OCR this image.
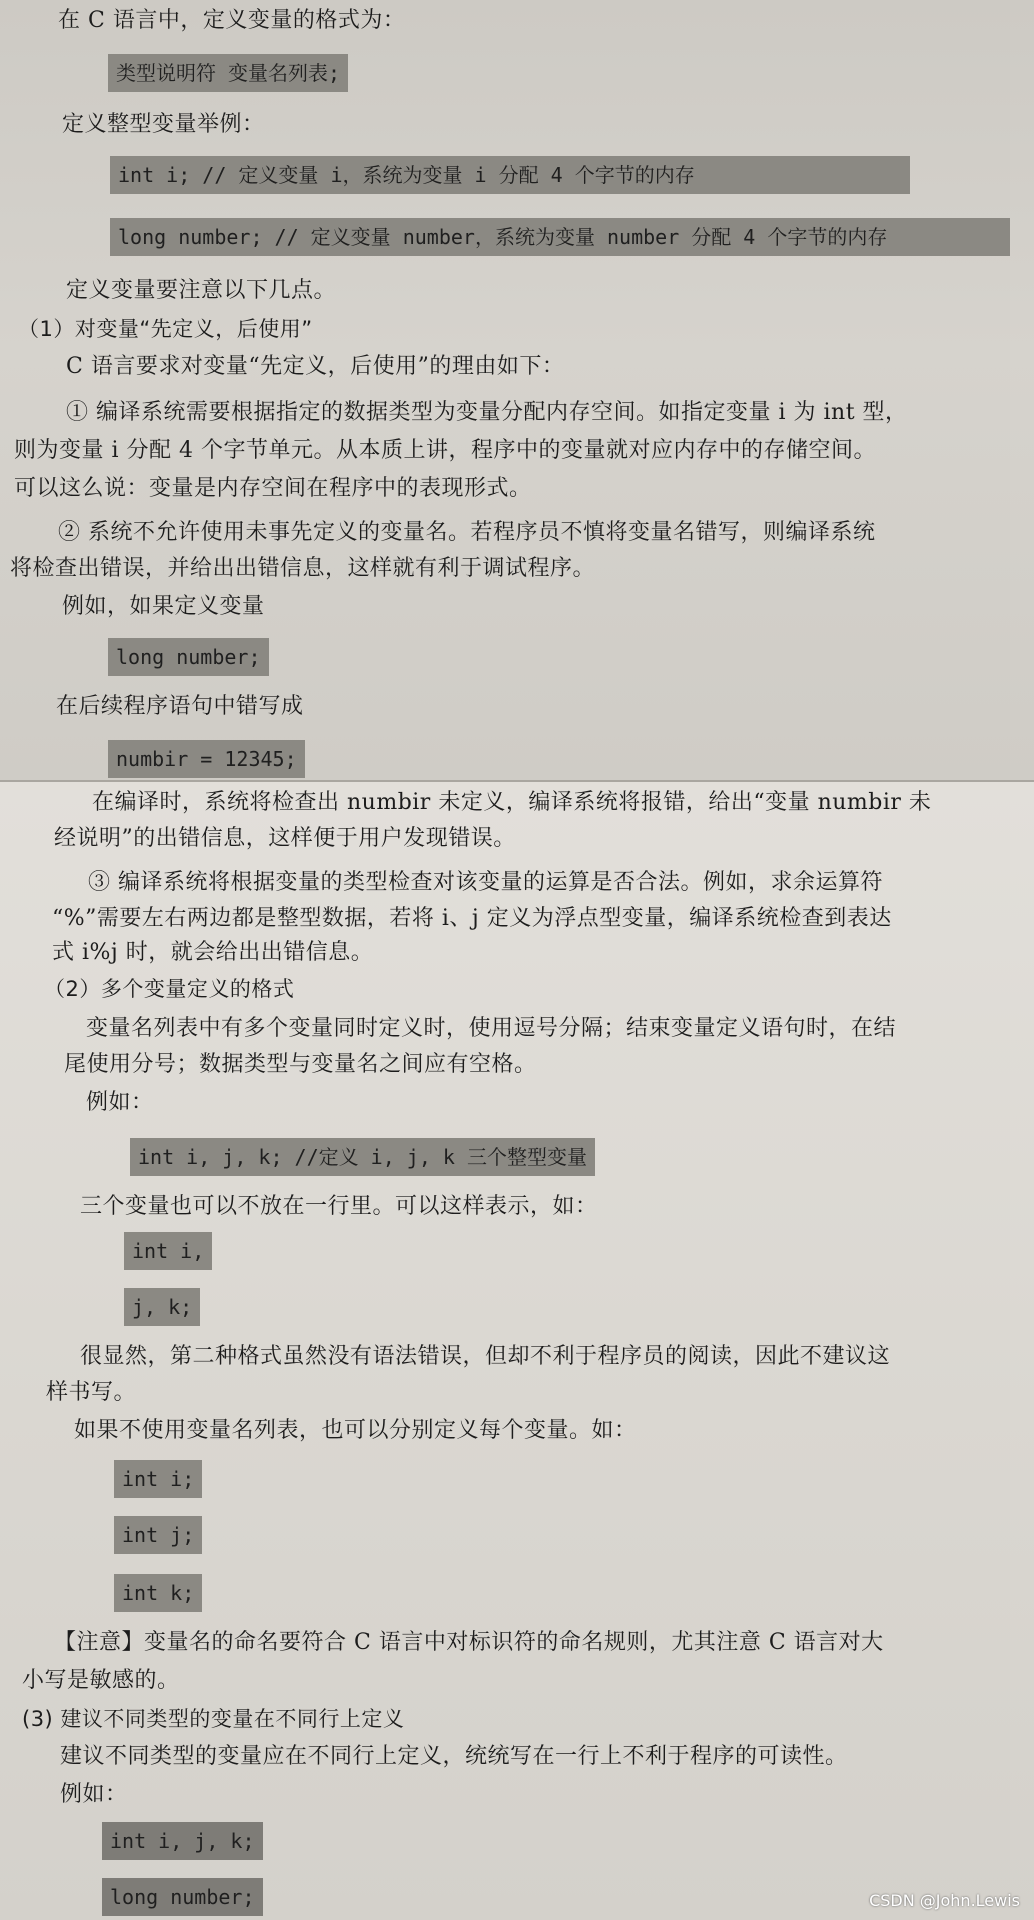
在 C 语言中，定义变量的格式为：
类型说明符 变量名列表;
定义整型变量举例：
int i; // 定义变量 i，系统为变量 i 分配 4 个字节的内存
long number; // 定义变量 number，系统为变量 number 分配 4 个字节的内存
定义变量要注意以下几点。
（1）对变量“先定义，后使用”
C 语言要求对变量“先定义，后使用”的理由如下：
① 编译系统需要根据指定的数据类型为变量分配内存空间。如指定变量 i 为 int 型，
则为变量 i 分配 4 个字节单元。从本质上讲，程序中的变量就对应内存中的存储空间。
可以这么说：变量是内存空间在程序中的表现形式。
② 系统不允许使用未事先定义的变量名。若程序员不慎将变量名错写，则编译系统
将检查出错误，并给出出错信息，这样就有利于调试程序。
例如，如果定义变量
long number;
在后续程序语句中错写成
numbir = 12345;
在编译时，系统将检查出 numbir 未定义，编译系统将报错，给出“变量 numbir 未
经说明”的出错信息，这样便于用户发现错误。
③ 编译系统将根据变量的类型检查对该变量的运算是否合法。例如，求余运算符
“%”需要左右两边都是整型数据，若将 i、j 定义为浮点型变量，编译系统检查到表达
式 i%j 时，就会给出出错信息。
（2）多个变量定义的格式
变量名列表中有多个变量同时定义时，使用逗号分隔；结束变量定义语句时，在结
尾使用分号；数据类型与变量名之间应有空格。
例如：
int i, j, k; //定义 i, j, k 三个整型变量
三个变量也可以不放在一行里。可以这样表示，如：
int i,
j, k;
很显然，第二种格式虽然没有语法错误，但却不利于程序员的阅读，因此不建议这
样书写。
如果不使用变量名列表，也可以分别定义每个变量。如：
int i;
int j;
int k;
【注意】变量名的命名要符合 C 语言中对标识符的命名规则，尤其注意 C 语言对大
小写是敏感的。
(3) 建议不同类型的变量在不同行上定义
建议不同类型的变量应在不同行上定义，统统写在一行上不利于程序的可读性。
例如：
int i, j, k;
long number;	CSDN @John.Lewis
